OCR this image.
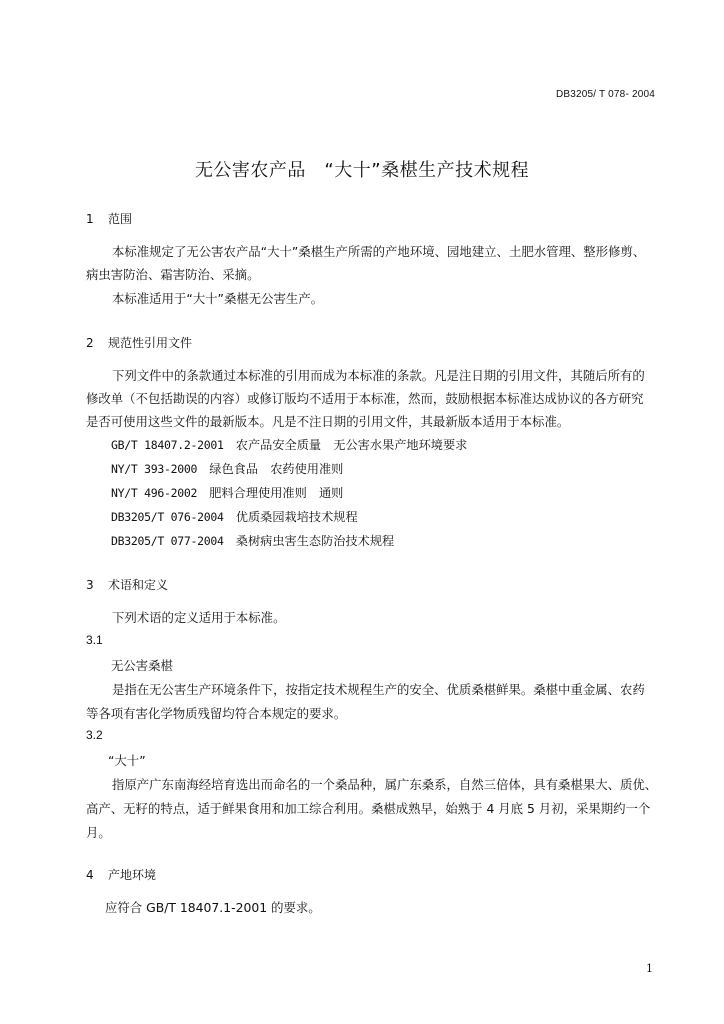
DB3205/ T 078- 2004
无公害农产品　“大十”桑椹生产技术规程
1 范围
本标准规定了无公害农产品“大十”桑椹生产所需的产地环境、园地建立、土肥水管理、整形修剪、
病虫害防治、霜害防治、采摘。
本标准适用于“大十”桑椹无公害生产。
2 规范性引用文件
下列文件中的条款通过本标准的引用而成为本标准的条款。凡是注日期的引用文件，其随后所有的
修改单（不包括勘误的内容）或修订版均不适用于本标准，然而，鼓励根据本标准达成协议的各方研究
是否可使用这些文件的最新版本。凡是不注日期的引用文件，其最新版本适用于本标准。
GB/T 18407.2-2001　 农产品安全质量　无公害水果产地环境要求
NY/T 393-2000　 绿色食品　农药使用准则
NY/T 496-2002　 肥料合理使用准则　通则
DB3205/T 076-2004　 优质桑园栽培技术规程
DB3205/T 077-2004　 桑树病虫害生态防治技术规程
3 术语和定义
下列术语的定义适用于本标准。
3.1
无公害桑椹
是指在无公害生产环境条件下，按指定技术规程生产的安全、优质桑椹鲜果。桑椹中重金属、农药
等各项有害化学物质残留均符合本规定的要求。
3.2
“大十”
指原产广东南海经培育选出而命名的一个桑品种，属广东桑系，自然三倍体，具有桑椹果大、质优、
高产、无籽的特点，适于鲜果食用和加工综合利用。桑椹成熟早，始熟于 4 月底 5 月初，采果期约一个
月。
4 产地环境
应符合 GB/T 18407.1-2001 的要求。
1
